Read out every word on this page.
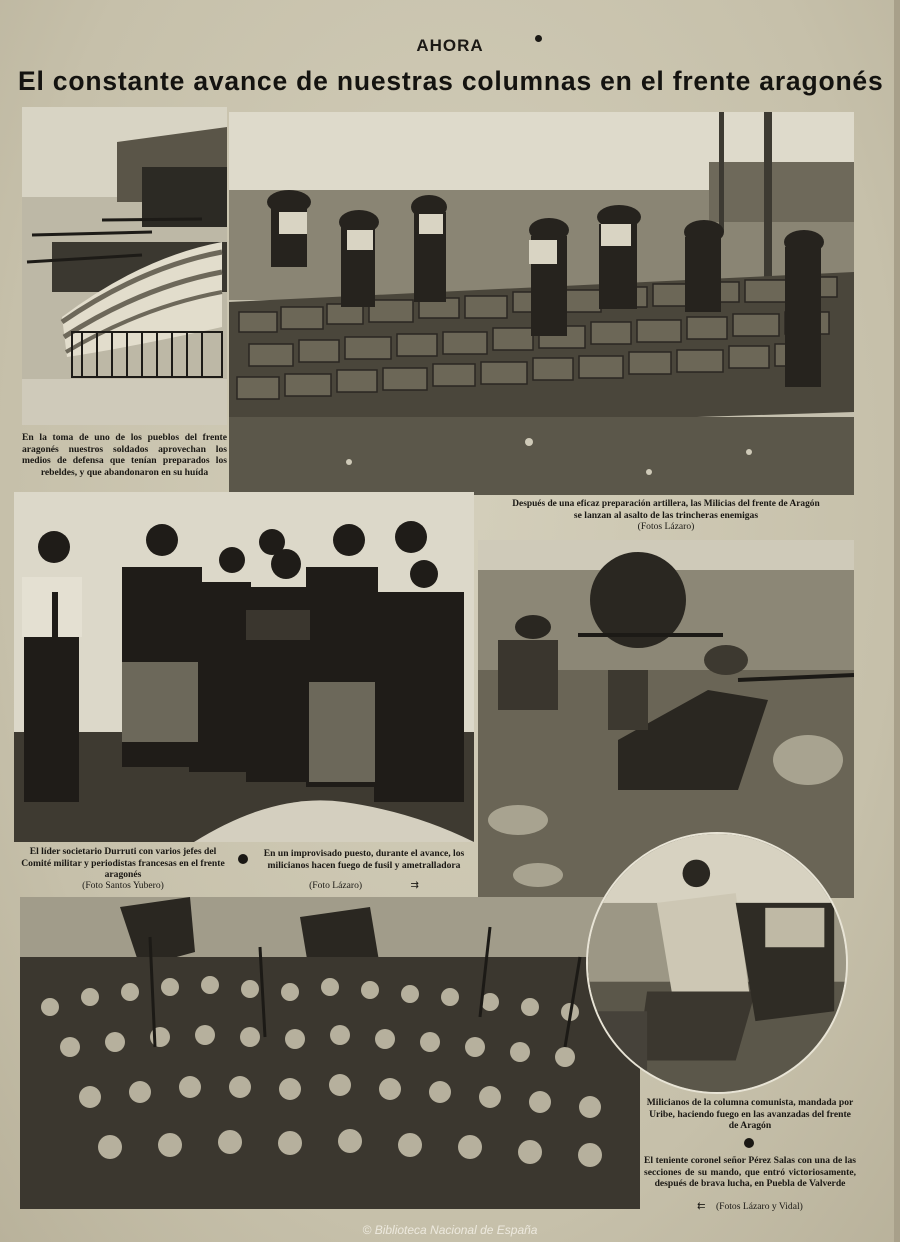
AHORA
El constante avance de nuestras columnas en el frente aragonés
En la toma de uno de los pueblos del frente aragonés nuestros soldados aprovechan los medios de defensa que tenían preparados los rebeldes, y que abandonaron en su huída
Después de una eficaz preparación artillera, las Milicias del frente de Aragón
se lanzan al asalto de las trincheras enemigas
(Fotos Lázaro)
El líder societario Durruti con varios jefes del Comité militar y periodistas francesas en el frente aragonés
(Foto Santos Yubero)
En un improvisado puesto, durante el avance, los milicianos hacen fuego de fusil y ametralladora
(Foto Lázaro)	⇉
Milicianos de la columna comunista, mandada por Uribe, haciendo fuego en las avanzadas del frente de Aragón
El teniente coronel señor Pérez Salas con una de las secciones de su mando, que entró victoriosamente, después de brava lucha, en Puebla de Valverde
⇇ (Fotos Lázaro y Vidal)
© Biblioteca Nacional de España
